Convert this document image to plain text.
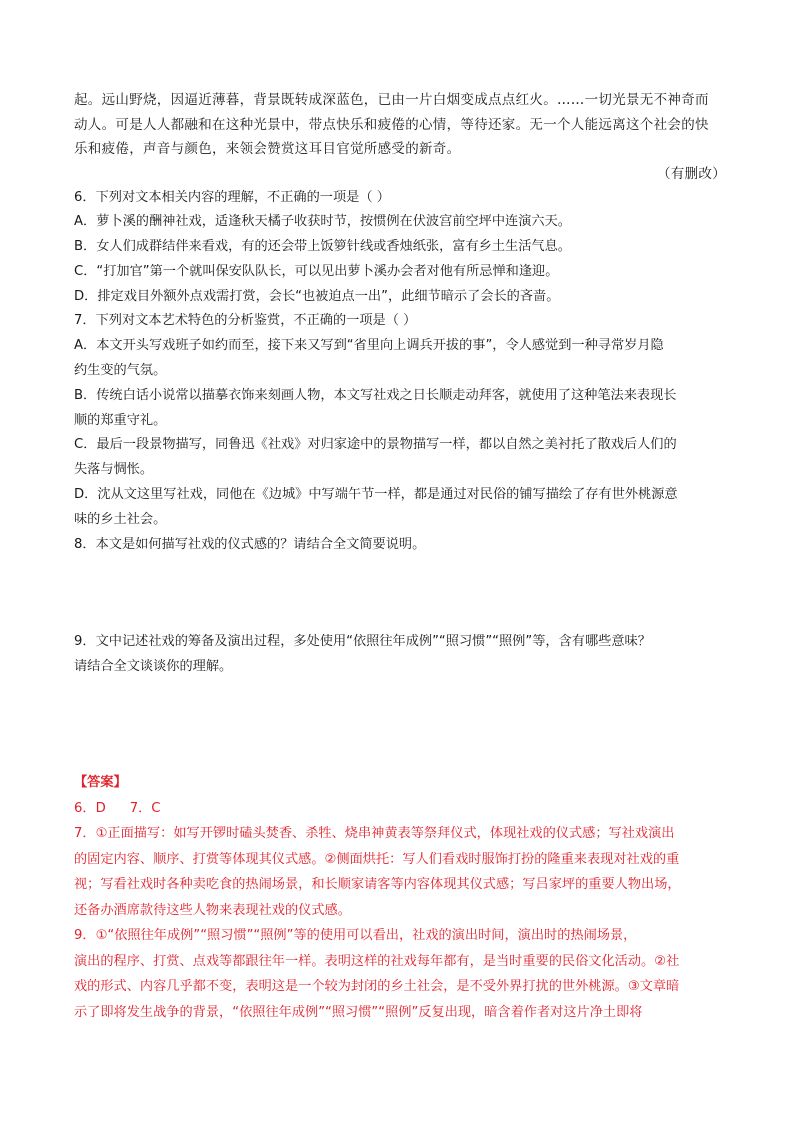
起。远山野烧，因逼近薄暮，背景既转成深蓝色，已由一片白烟变成点点红火。……一切光景无不神奇而

动人。可是人人都融和在这种光景中，带点快乐和疲倦的心情，等待还家。无一个人能远离这个社会的快

乐和疲倦，声音与颜色，来领会赞赏这耳目官觉所感受的新奇。

（有删改）

6．下列对文本相关内容的理解，不正确的一项是（ ）

A．萝卜溪的酬神社戏，适逢秋天橘子收获时节，按惯例在伏波宫前空坪中连演六天。

B．女人们成群结伴来看戏，有的还会带上饭箩针线或香烛纸张，富有乡土生活气息。

C．“打加官”第一个就叫保安队队长，可以见出萝卜溪办会者对他有所忌惮和逢迎。

D．排定戏目外额外点戏需打赏，会长“也被迫点一出”，此细节暗示了会长的吝啬。

7．下列对文本艺术特色的分析鉴赏，不正确的一项是（ ）

A．本文开头写戏班子如约而至，接下来又写到“省里向上调兵开拔的事”，令人感觉到一种寻常岁月隐

约生变的气氛。

B．传统白话小说常以描摹衣饰来刻画人物，本文写社戏之日长顺走动拜客，就使用了这种笔法来表现长

顺的郑重守礼。

C．最后一段景物描写，同鲁迅《社戏》对归家途中的景物描写一样，都以自然之美衬托了散戏后人们的

失落与惆怅。

D．沈从文这里写社戏，同他在《边城》中写端午节一样，都是通过对民俗的铺写描绘了存有世外桃源意

味的乡土社会。

8．本文是如何描写社戏的仪式感的？请结合全文简要说明。

9．文中记述社戏的筹备及演出过程，多处使用“依照往年成例”“照习惯”“照例”等，含有哪些意味？

请结合全文谈谈你的理解。

【答案】

6．D 7．C

7．①正面描写：如写开锣时磕头焚香、杀牲、烧串神黄表等祭拜仪式，体现社戏的仪式感；写社戏演出

的固定内容、顺序、打赏等体现其仪式感。②侧面烘托：写人们看戏时服饰打扮的隆重来表现对社戏的重

视；写看社戏时各种卖吃食的热闹场景，和长顺家请客等内容体现其仪式感；写吕家坪的重要人物出场，

还备办酒席款待这些人物来表现社戏的仪式感。

9．①“依照往年成例”“照习惯”“照例”等的使用可以看出，社戏的演出时间，演出时的热闹场景，

演出的程序、打赏、点戏等都跟往年一样。表明这样的社戏每年都有，是当时重要的民俗文化活动。②社

戏的形式、内容几乎都不变，表明这是一个较为封闭的乡土社会，是不受外界打扰的世外桃源。③文章暗

示了即将发生战争的背景，“依照往年成例”“照习惯”“照例”反复出现，暗含着作者对这片净土即将
